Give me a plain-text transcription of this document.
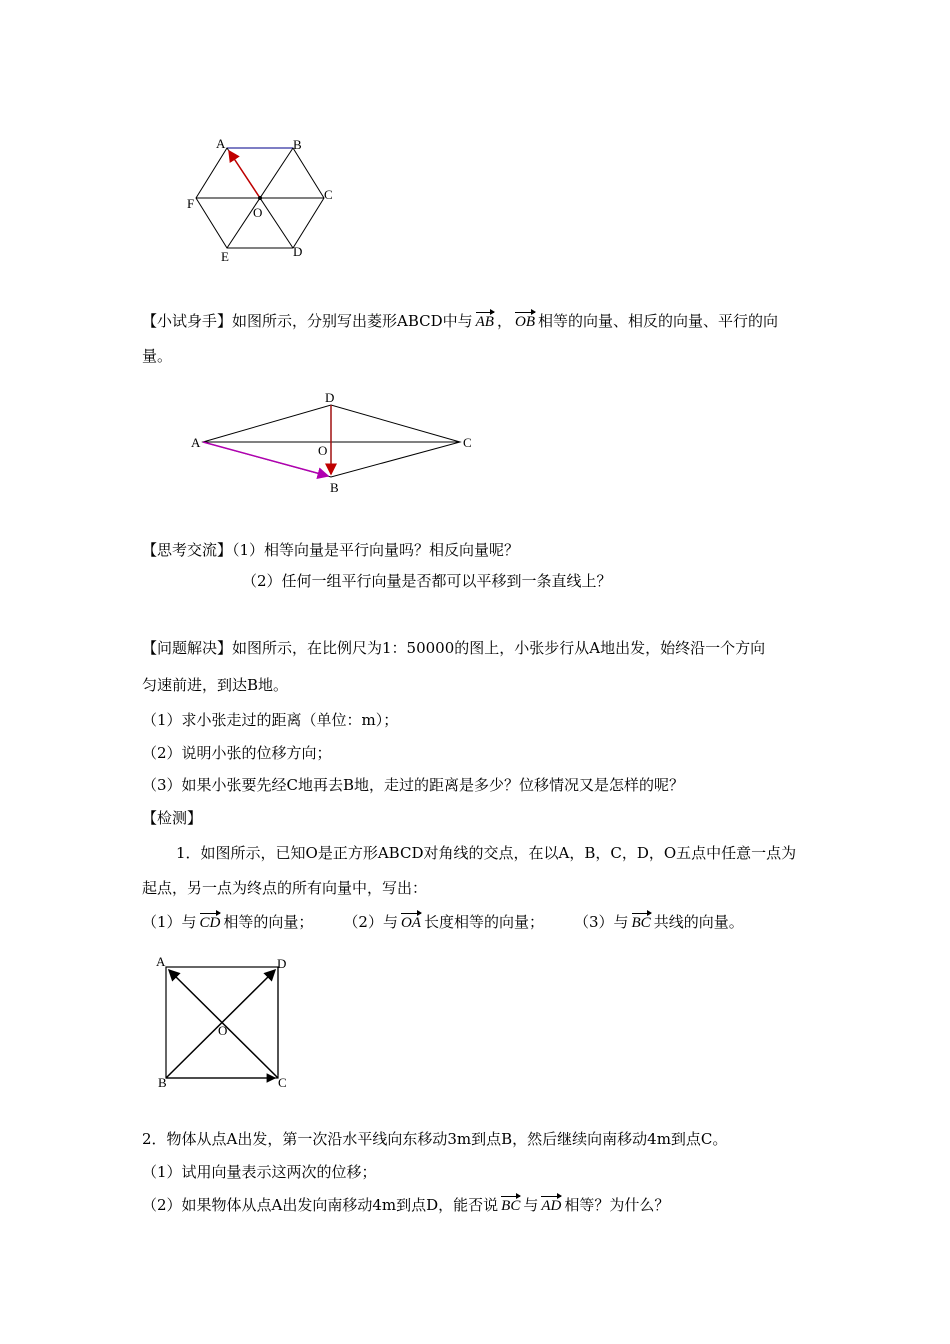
A	B
C
D
E
F
O
【小试身手】如图所示，分别写出菱形ABCD中与 AB ， OB 相等的向量、相反的向量、平行的向
量。
D
A	C
O
B
【思考交流】（1）相等向量是平行向量吗？相反向量呢？
（2）任何一组平行向量是否都可以平移到一条直线上？
【问题解决】如图所示，在比例尺为1：50000的图上，小张步行从A地出发，始终沿一个方向
匀速前进，到达B地。
（1）求小张走过的距离（单位：m）；
（2）说明小张的位移方向；
（3）如果小张要先经C地再去B地，走过的距离是多少？位移情况又是怎样的呢？
【检测】
1．如图所示，已知O是正方形ABCD对角线的交点，在以A，B，C，D，O五点中任意一点为
起点，另一点为终点的所有向量中，写出：
（1）与 CD 相等的向量； （2）与 OA 长度相等的向量； （3）与 BC 共线的向量。
A	D
O
B	C
2．物体从点A出发，第一次沿水平线向东移动3m到点B，然后继续向南移动4m到点C。
（1）试用向量表示这两次的位移；
（2）如果物体从点A出发向南移动4m到点D，能否说 BC 与 AD 相等？为什么？
